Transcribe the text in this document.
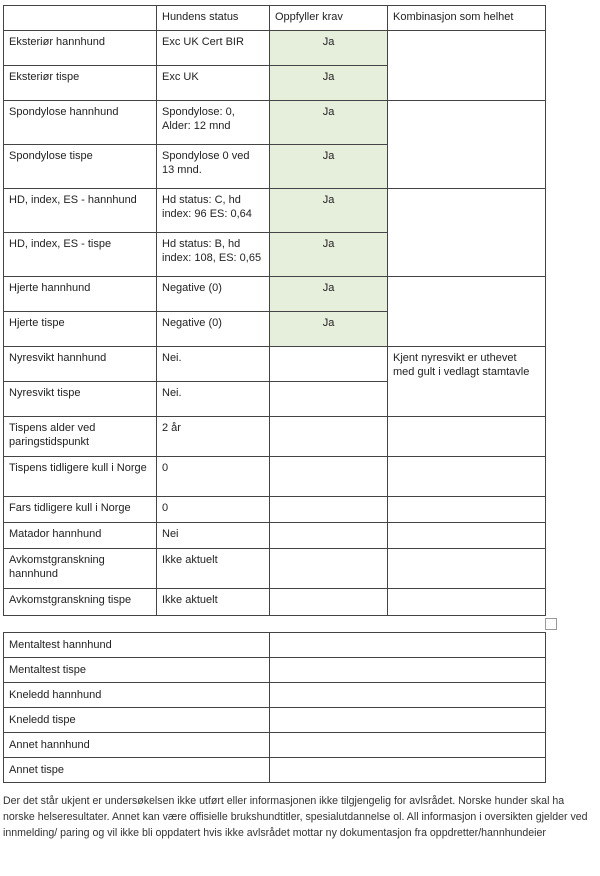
	Hundens status	Oppfyller krav	Kombinasjon som helhet
Eksteriør hannhund	Exc UK Cert BIR	Ja	
Eksteriør tispe	Exc UK	Ja	
Spondylose hannhund	Spondylose: 0, Alder: 12 mnd	Ja	
Spondylose tispe	Spondylose 0 ved 13 mnd.	Ja	
HD, index, ES - hannhund	Hd status: C, hd index: 96 ES: 0,64	Ja	
HD, index, ES - tispe	Hd status: B, hd index: 108, ES: 0,65	Ja	
Hjerte hannhund	Negative (0)	Ja	
Hjerte tispe	Negative (0)	Ja	
Nyresvikt hannhund	Nei.		Kjent nyresvikt er uthevet med gult i vedlagt stamtavle
Nyresvikt tispe	Nei.		
Tispens alder ved paringstidspunkt	2 år		
Tispens tidligere kull i Norge	0		
Fars tidligere kull i Norge	0		
Matador hannhund	Nei		
Avkomstgranskning hannhund	Ikke aktuelt		
Avkomstgranskning tispe	Ikke aktuelt		
Mentaltest hannhund	
Mentaltest tispe	
Kneledd hannhund	
Kneledd tispe	
Annet hannhund	
Annet tispe	

Der det står ukjent er undersøkelsen ikke utført eller informasjonen ikke tilgjengelig for avlsrådet. Norske hunder skal ha norske helseresultater. Annet kan være offisielle brukshundtitler, spesialutdannelse ol. All informasjon i oversikten gjelder ved innmelding/ paring og vil ikke bli oppdatert hvis ikke avlsrådet mottar ny dokumentasjon fra oppdretter/hannhundeier
